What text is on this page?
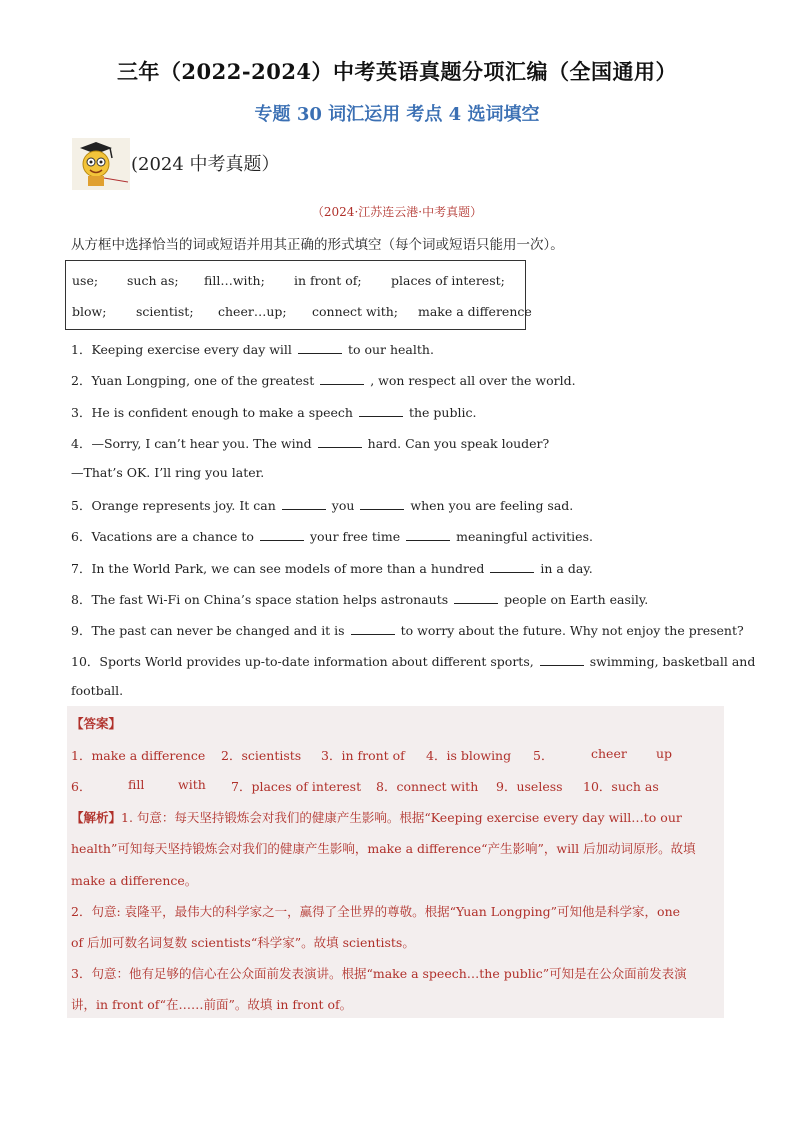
三年（2022-2024）中考英语真题分项汇编（全国通用）
专题 30 词汇运用 考点 4 选词填空
(2024 中考真题）
（2024·江苏连云港·中考真题）
从方框中选择恰当的词或短语并用其正确的形式填空（每个词或短语只能用一次）。
use; such as; fill…with; in front of; places of interest;
blow; scientist; cheer…up; connect with; make a difference
1．Keeping exercise every day will	to our health.
2．Yuan Longping, one of the greatest	, won respect all over the world.
3．He is confident enough to make a speech	the public.
4．—Sorry, I can’t hear you. The wind	hard. Can you speak louder?
—That’s OK. I’ll ring you later.
5．Orange represents joy. It can	you	when you are feeling sad.
6．Vacations are a chance to	your free time	meaningful activities.
7．In the World Park, we can see models of more than a hundred	in a day.
8．The fast Wi-Fi on China’s space station helps astronauts	people on Earth easily.
9．The past can never be changed and it is	to worry about the future. Why not enjoy the present?
10．Sports World provides up-to-date information about different sports,	swimming, basketball and
football.
【答案】
1．make a difference 2．scientists 3．in front of 4．is blowing 5．	cheer up
6．	fill	with 7．places of interest 8．connect with 9．useless 10．such as
【解析】1. 句意：每天坚持锻炼会对我们的健康产生影响。根据“Keeping exercise every day will…to our
health”可知每天坚持锻炼会对我们的健康产生影响，make a difference“产生影响”，will 后加动词原形。故填
make a difference。
2．句意: 袁隆平，最伟大的科学家之一，赢得了全世界的尊敬。根据“Yuan Longping”可知他是科学家，one
of 后加可数名词复数 scientists“科学家”。故填 scientists。
3．句意：他有足够的信心在公众面前发表演讲。根据“make a speech…the public”可知是在公众面前发表演
讲，in front of“在……前面”。故填 in front of。
